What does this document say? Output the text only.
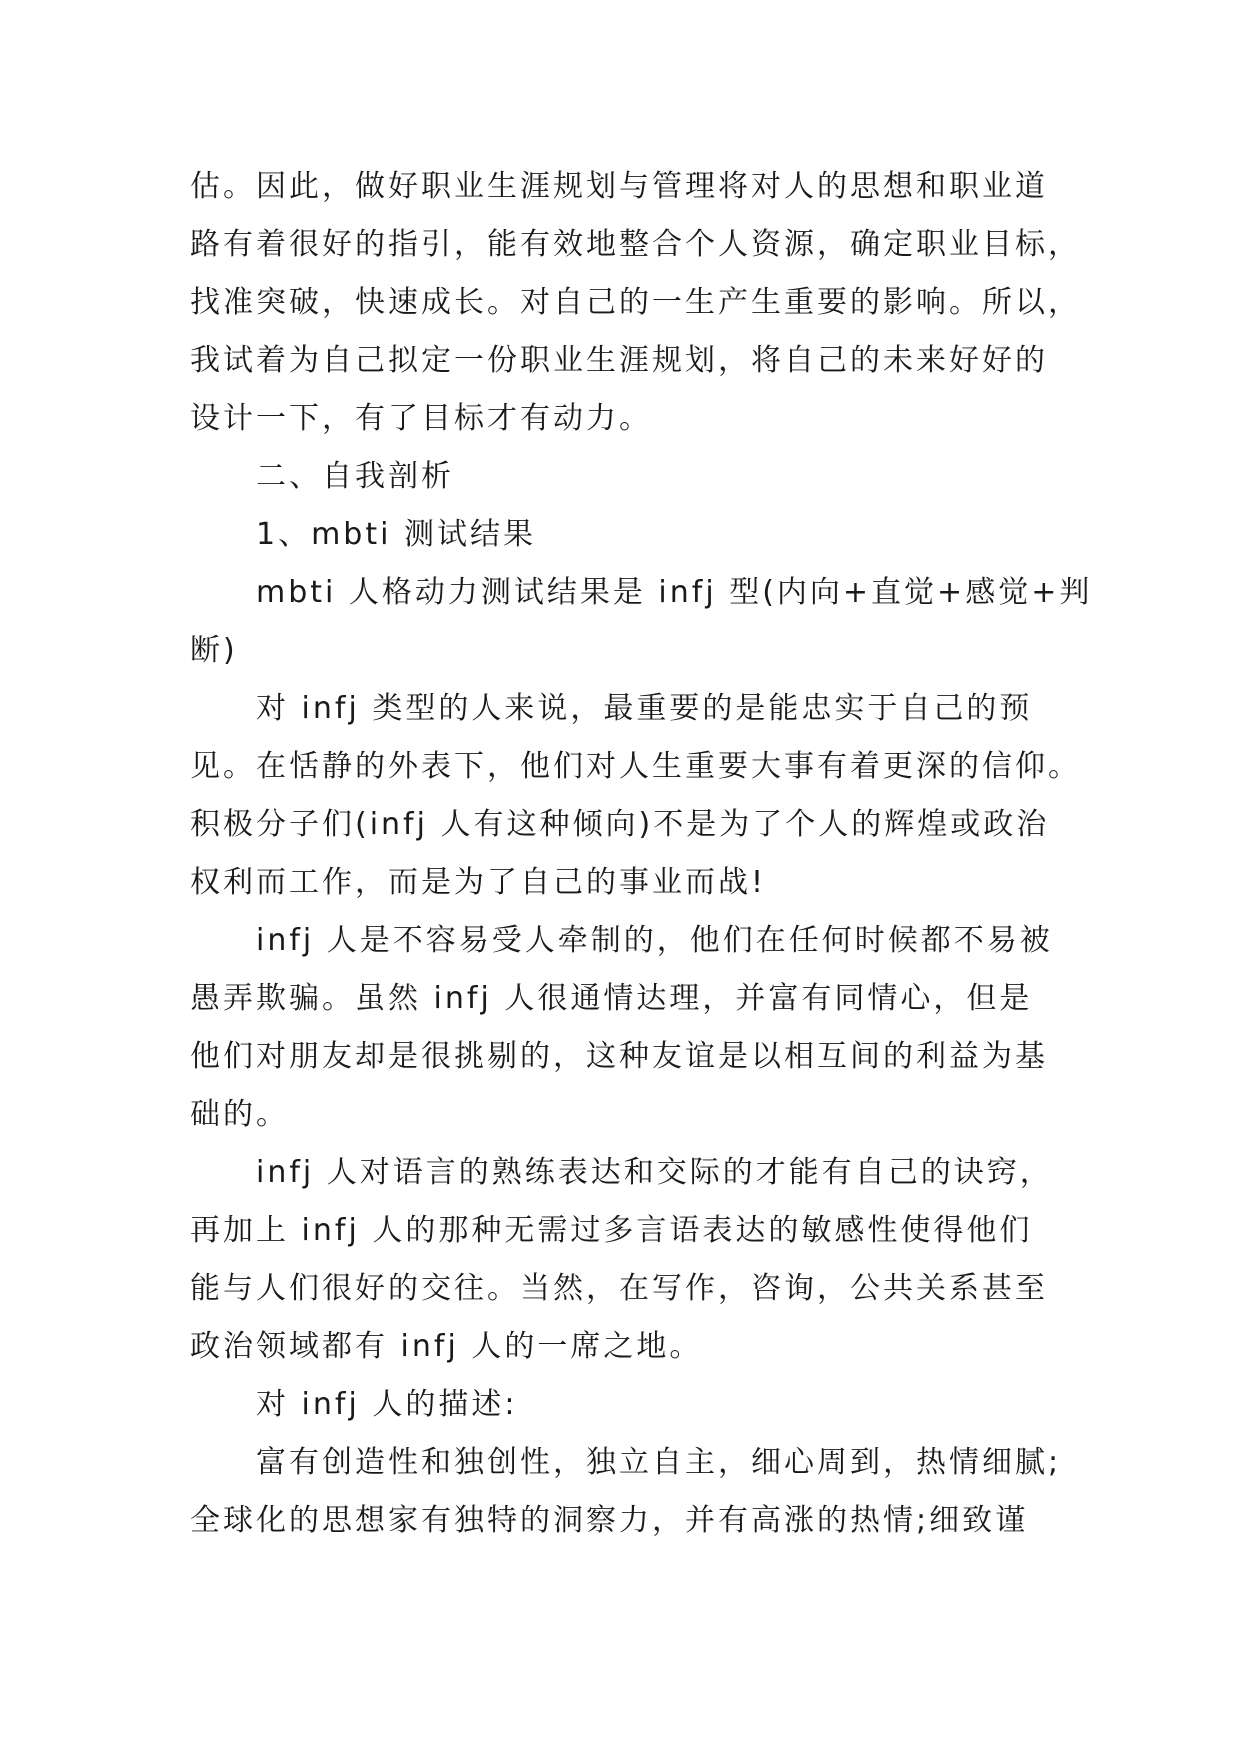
估。因此，做好职业生涯规划与管理将对人的思想和职业道
路有着很好的指引，能有效地整合个人资源，确定职业目标，
找准突破，快速成长。对自己的一生产生重要的影响。所以，
我试着为自己拟定一份职业生涯规划，将自己的未来好好的
设计一下，有了目标才有动力。
二、自我剖析
1、mbti 测试结果
mbti 人格动力测试结果是 infj 型(内向+直觉+感觉+判
断)
对 infj 类型的人来说，最重要的是能忠实于自己的预
见。在恬静的外表下，他们对人生重要大事有着更深的信仰。
积极分子们(infj 人有这种倾向)不是为了个人的辉煌或政治
权利而工作，而是为了自己的事业而战!
infj 人是不容易受人牵制的，他们在任何时候都不易被
愚弄欺骗。虽然 infj 人很通情达理，并富有同情心，但是
他们对朋友却是很挑剔的，这种友谊是以相互间的利益为基
础的。
infj 人对语言的熟练表达和交际的才能有自己的诀窍，
再加上 infj 人的那种无需过多言语表达的敏感性使得他们
能与人们很好的交往。当然，在写作，咨询，公共关系甚至
政治领域都有 infj 人的一席之地。
对 infj 人的描述:
富有创造性和独创性，独立自主，细心周到，热情细腻;
全球化的思想家有独特的洞察力，并有高涨的热情;细致谨
